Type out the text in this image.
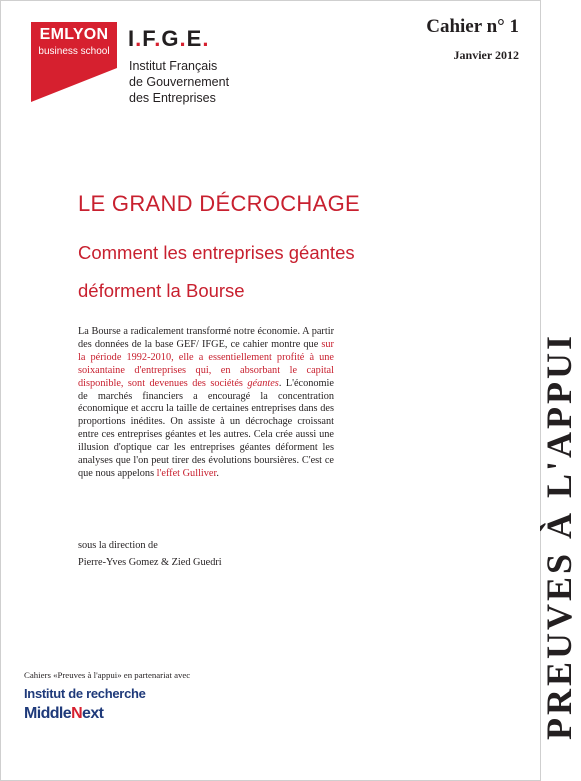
EMLYON
business school
I.F.G.E.
Institut Français
de Gouvernement
des Entreprises
Cahier n° 1
Janvier 2012
LE GRAND DÉCROCHAGE
Comment les entreprises géantes
déforment la Bourse
La Bourse a radicalement transformé notre économie. A partir des données de la base GEF/ IFGE, ce cahier montre que sur la période 1992-2010, elle a essentiellement profité à une soixantaine d'entreprises qui, en absorbant le capital disponible, sont devenues des sociétés géantes. L'économie de marchés financiers a encouragé la concentration économique et accru la taille de certaines entreprises dans des proportions inédites. On assiste à un décrochage croissant entre ces entreprises géantes et les autres. Cela crée aussi une illusion d'optique car les entreprises géantes déforment les analyses que l'on peut tirer des évolutions boursières. C'est ce que nous appelons l'effet Gulliver.
sous la direction de
Pierre-Yves Gomez & Zied Guedri
Cahiers «Preuves à l'appui» en partenariat avec
Institut de recherche
MiddleNext	PREUVES À L'APPUI
